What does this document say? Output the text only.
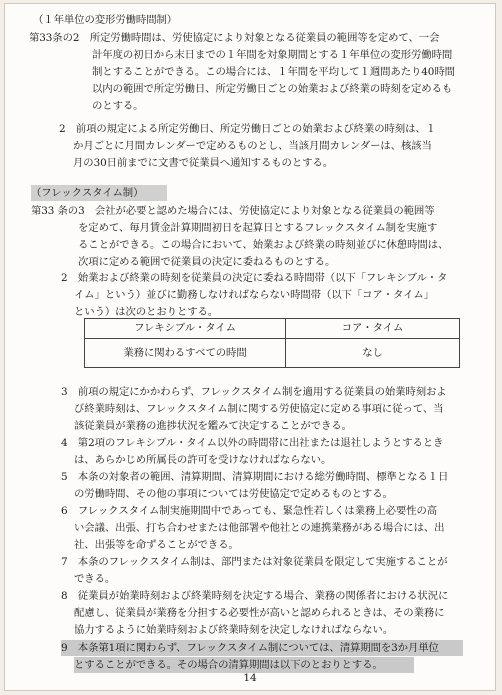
（１年単位の変形労働時間制）
第33条の2　所定労働時間は、労使協定により対象となる従業員の範囲等を定めて、一会
計年度の初日から末日までの１年間を対象期間とする１年単位の変形労働時間
制とすることができる。この場合には、１年間を平均して１週間あたり40時間
以内の範囲で所定労働日、所定労働日ごとの始業および終業の時刻を定めるも
のとする。
2　前項の規定による所定労働日、所定労働日ごとの始業および終業の時刻は、１
か月ごとに月間カレンダーで定めるものとし、当該月間カレンダーは、核該当
月の30日前までに文書で従業員へ通知するものとする。
（フレックスタイム制）
第33 条の3　会社が必要と認めた場合には、労使協定により対象となる従業員の範囲等
を定めて、毎月賃金計算期間初日を起算日とするフレックスタイム制を実施す
ることができる。この場合において、始業および終業の時刻並びに休憩時間は、
次項に定める範囲で従業員の決定に委ねるものとする。
2　始業および終業の時刻を従業員の決定に委ねる時間帯（以下「フレキシブル・タ
イム」という）並びに勤務しなければならない時間帯（以下「コア・タイム」
という）は次のとおりとする。
フレキシブル・タイム	コア・タイム
業務に関わるすべての時間	なし
3　前項の規定にかかわらず、フレックスタイム制を適用する従業員の始業時刻およ
び終業時刻は、フレックスタイム制に関する労使協定に定める事項に従って、当
該従業員が業務の進捗状況を鑑みて決定することができる。
4　第2項のフレキシブル・タイム以外の時間帯に出社または退社しようとするとき
は、あらかじめ所属長の許可を受けなければならない。
5　本条の対象者の範囲、清算期間、清算期間における総労働時間、標準となる１日
の労働時間、その他の事項については労使協定で定めるものとする。
6　フレックスタイム制実施期間中であっても、緊急性若しくは業務上必要性の高
い会議、出張、打ち合わせまたは他部署や他社との連携業務がある場合には、出
社、出張等を命ずることができる。
7　本条のフレックスタイム制は、部門または対象従業員を限定して実施することが
できる。
8　従業員が始業時刻および終業時刻を決定する場合、業務の関係者における状況に
配慮し、従業員が業務を分担する必要性が高いと認められるときは、その業務に
協力するように始業時刻および終業時刻を決定しなければならない。
9　本条第1項に関わらず、フレックスタイム制については、清算期間を3か月単位
とすることができる。その場合の清算期間は以下のとおりとする。
14
